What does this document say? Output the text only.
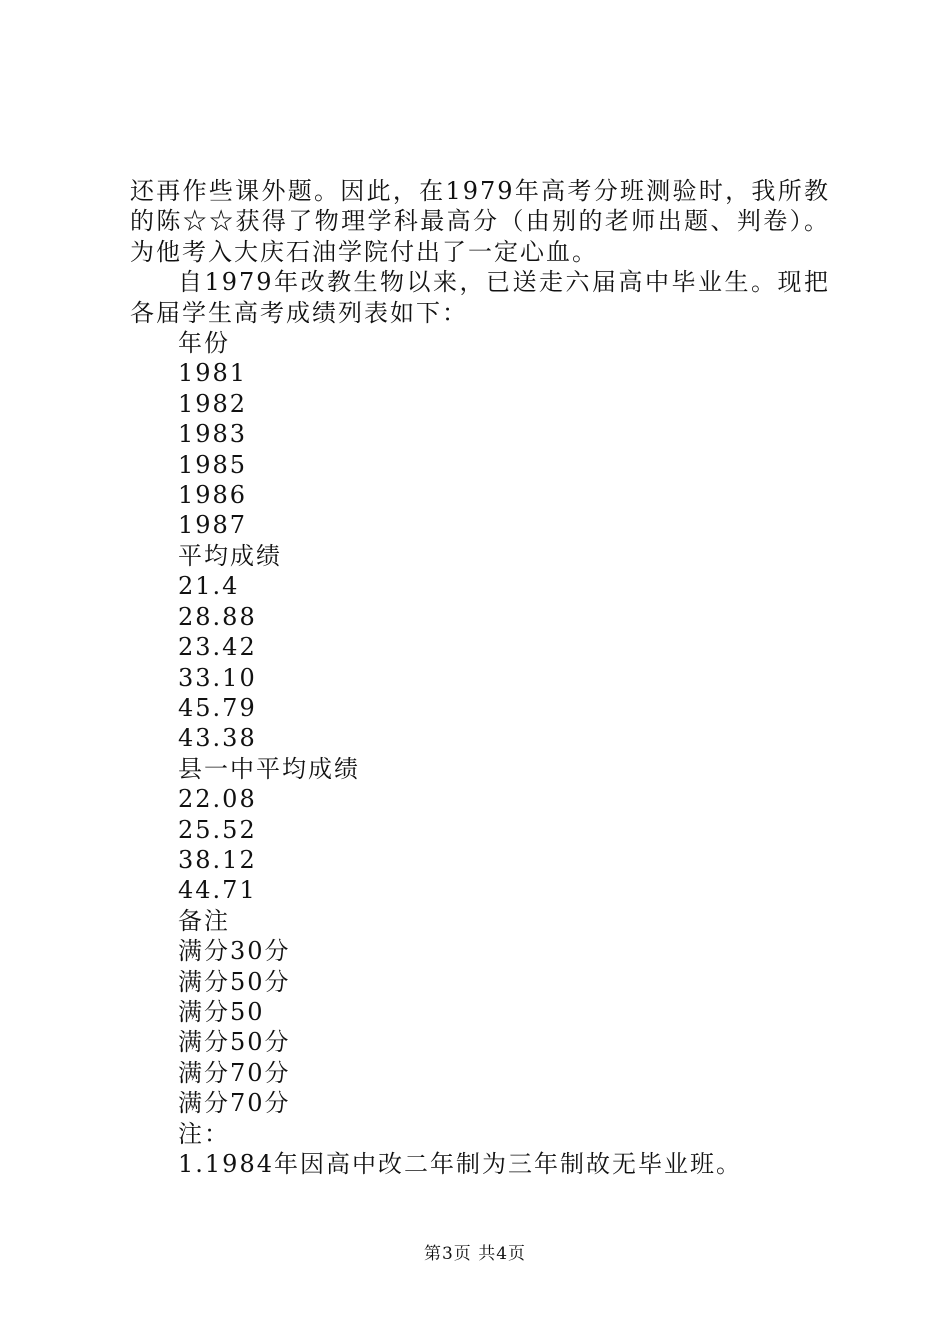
还再作些课外题。因此，在1979年高考分班测验时，我所教的陈☆☆获得了物理学科最高分（由别的老师出题、判卷）。为他考入大庆石油学院付出了一定心血。

自1979年改教生物以来，已送走六届高中毕业生。现把各届学生高考成绩列表如下：

年份

1981

1982

1983

1985

1986

1987

平均成绩

21.4

28.88

23.42

33.10

45.79

43.38

县一中平均成绩

22.08

25.52

38.12

44.71

备注

满分30分

满分50分

满分50

满分50分

满分70分

满分70分

注：

1.1984年因高中改二年制为三年制故无毕业班。

第3页 共4页
